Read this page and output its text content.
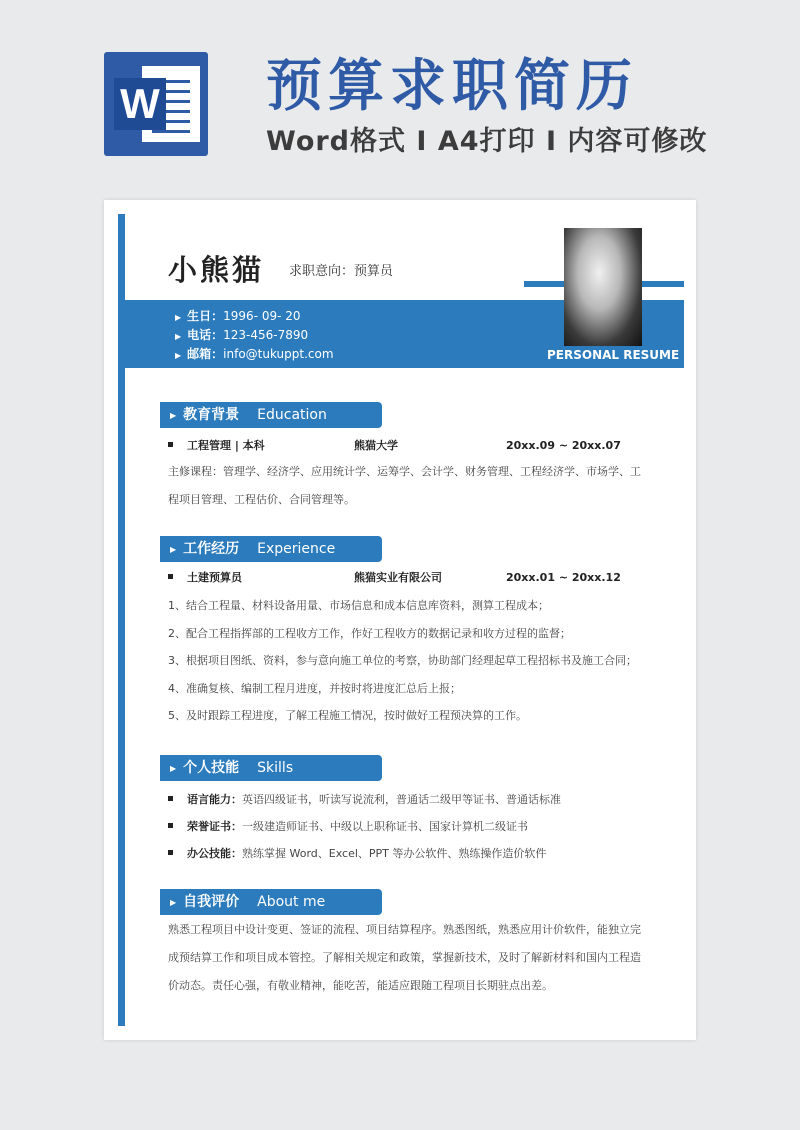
W 预算求职简历

Word格式 I A4打印 I 内容可修改

小熊猫 求职意向：预算员
▶ 生日：1996- 09- 20
▶ 电话：123-456-7890
▶ 邮箱：info@tukuppt.com	PERSONAL RESUME
▶ 教育背景 Education
工程管理 | 本科	熊猫大学	20xx.09 ~ 20xx.07
主修课程：管理学、经济学、应用统计学、运筹学、会计学、财务管理、工程经济学、市场学、工程项目管理、工程估价、合同管理等。
▶ 工作经历 Experience
土建预算员	熊猫实业有限公司	20xx.01 ~ 20xx.12
1、结合工程量、材料设备用量、市场信息和成本信息库资料，测算工程成本；
2、配合工程指挥部的工程收方工作，作好工程收方的数据记录和收方过程的监督；
3、根据项目图纸、资料，参与意向施工单位的考察，协助部门经理起草工程招标书及施工合同；
4、准确复核、编制工程月进度，并按时将进度汇总后上报；
5、及时跟踪工程进度，了解工程施工情况，按时做好工程预决算的工作。
▶ 个人技能 Skills
语言能力：英语四级证书，听读写说流利，普通话二级甲等证书、普通话标准
荣誉证书：一级建造师证书、中级以上职称证书、国家计算机二级证书
办公技能：熟练掌握 Word、Excel、PPT 等办公软件、熟练操作造价软件
▶ 自我评价 About me
熟悉工程项目中设计变更、签证的流程、项目结算程序。熟悉图纸，熟悉应用计价软件，能独立完成预结算工作和项目成本管控。了解相关规定和政策，掌握新技术，及时了解新材料和国内工程造价动态。责任心强，有敬业精神，能吃苦，能适应跟随工程项目长期驻点出差。
